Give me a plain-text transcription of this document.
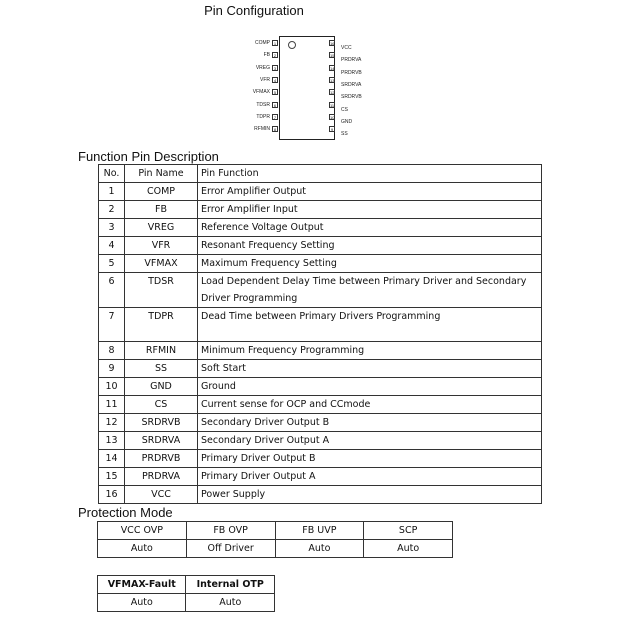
Pin Configuration
1
COMP
2
FB
3
VREG
4
VFR
5
VFMAX
6
TDSR
7
TDPR
8
RFMIN
16
VCC
15
PRDRVA
14
PRDRVB
13
SRDRVA
12
SRDRVB
11
CS
10
GND
9
SS
Function Pin Description
No.	Pin Name	Pin Function
1	COMP	Error Amplifier Output
2	FB	Error Amplifier Input
3	VREG	Reference Voltage Output
4	VFR	Resonant Frequency Setting
5	VFMAX	Maximum Frequency Setting
6	TDSR	Load Dependent Delay Time between Primary Driver and Secondary Driver Programming
7	TDPR	Dead Time between Primary Drivers Programming
8	RFMIN	Minimum Frequency Programming
9	SS	Soft Start
10	GND	Ground
11	CS	Current sense for OCP and CCmode
12	SRDRVB	Secondary Driver Output B
13	SRDRVA	Secondary Driver Output A
14	PRDRVB	Primary Driver Output B
15	PRDRVA	Primary Driver Output A
16	VCC	Power Supply
Protection Mode
VCC OVP	FB OVP	FB UVP	SCP
Auto	Off Driver	Auto	Auto
VFMAX-Fault	Internal OTP
Auto	Auto
